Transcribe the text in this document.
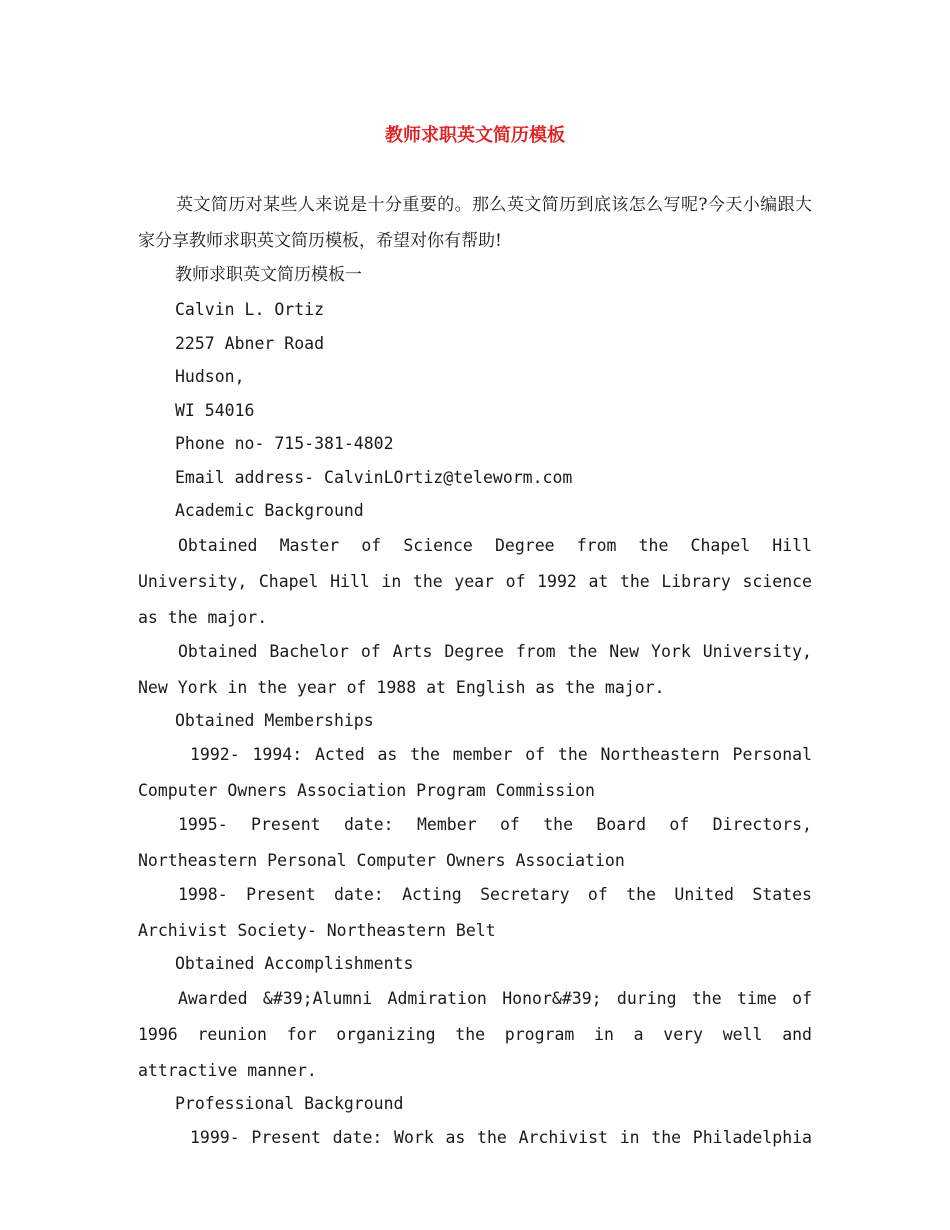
教师求职英文简历模板

英文简历对某些人来说是十分重要的。那么英文简历到底该怎么写呢?今天小编跟大家分享教师求职英文简历模板，希望对你有帮助!

教师求职英文简历模板一

Calvin L. Ortiz

2257 Abner Road

Hudson,

WI 54016

Phone no- 715-381-4802

Email address- CalvinLOrtiz@teleworm.com

Academic Background

Obtained Master of Science Degree from the Chapel Hill University, Chapel Hill in the year of 1992 at the Library science as the major.

Obtained Bachelor of Arts Degree from the New York University, New York in the year of 1988 at English as the major.

Obtained Memberships

1992- 1994: Acted as the member of the Northeastern Personal Computer Owners Association Program Commission

1995- Present date: Member of the Board of Directors, Northeastern Personal Computer Owners Association

1998- Present date: Acting Secretary of the United States Archivist Society- Northeastern Belt

Obtained Accomplishments

Awarded &#39;Alumni Admiration Honor&#39; during the time of 1996 reunion for organizing the program in a very well and attractive manner.

Professional Background

1999- Present date: Work as the Archivist in the Philadelphia
